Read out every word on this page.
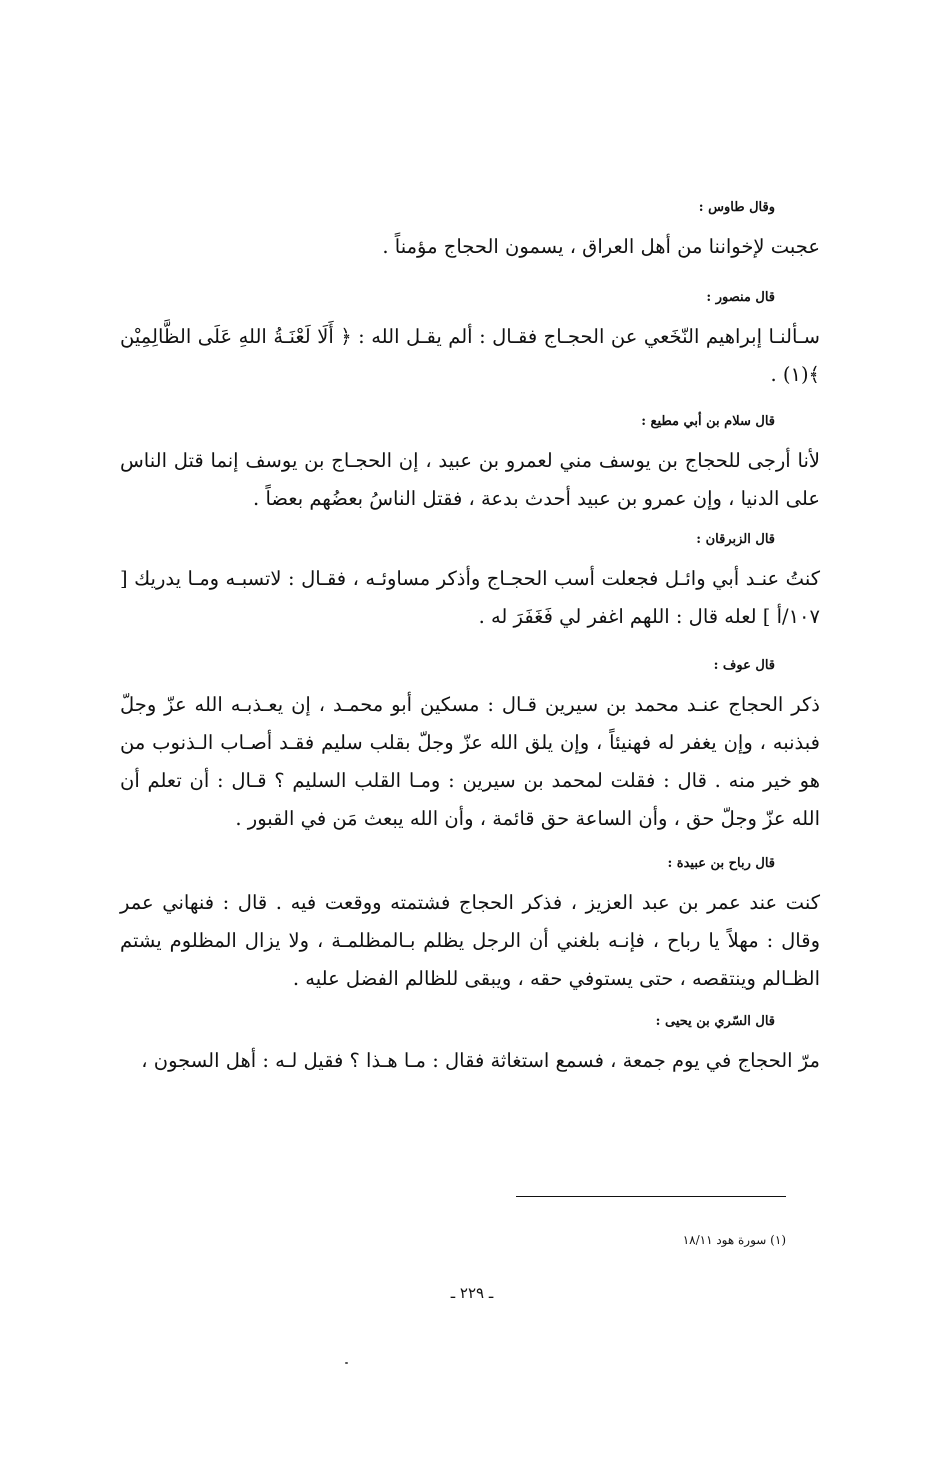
وقال طاوس :

عجبت لإخواننا من أهل العراق ، يسمون الحجاج مؤمناً .

قال منصور :

سـألنـا إبراهيم النّخَعي عن الحجـاج فقـال : ألم يقـل الله : ﴿ أَلَا لَعْنَـةُ اللهِ عَلَى الظَّالِمِيْن ﴾(١) .

قال سلام بن أبي مطيع :

لأنا أرجى للحجاج بن يوسف مني لعمرو بن عبيد ، إن الحجـاج بن يوسف إنما قتل الناس على الدنيا ، وإن عمرو بن عبيد أحدث بدعة ، فقتل الناسُ بعضُهم بعضاً .

قال الزبرقان :

كنتُ عنـد أبي وائـل فجعلت أسب الحجـاج وأذكر مساوئـه ، فقـال : لاتسبـه ومـا يدريك [ ١٠٧/أ ] لعله قال : اللهم اغفر لي فَغَفَرَ له .

قال عوف :

ذكر الحجاج عنـد محمد بن سيرين قـال : مسكين أبو محمـد ، إن يعـذبـه الله عزّ وجلّ فبذنبه ، وإن يغفر له فهنيئاً ، وإن يلق الله عزّ وجلّ بقلب سليم فقـد أصـاب الـذنوب من هو خير منه . قال : فقلت لمحمد بن سيرين : ومـا القلب السليم ؟ قـال : أن تعلم أن الله عزّ وجلّ حق ، وأن الساعة حق قائمة ، وأن الله يبعث مَن في القبور .

قال رباح بن عبيدة :

كنت عند عمر بن عبد العزيز ، فذكر الحجاج فشتمته ووقعت فيه . قال : فنهاني عمر وقال : مهلاً يا رباح ، فإنـه بلغني أن الرجل يظلم بـالمظلمـة ، ولا يزال المظلوم يشتم الظـالم وينتقصه ، حتى يستوفي حقه ، ويبقى للظالم الفضل عليه .

قال السّري بن يحيى :

مرّ الحجاج في يوم جمعة ، فسمع استغاثة فقال : مـا هـذا ؟ فقيل لـه : أهل السجون ،

(١) سورة هود ١٨/١١
ـ ٢٢٩ ـ
